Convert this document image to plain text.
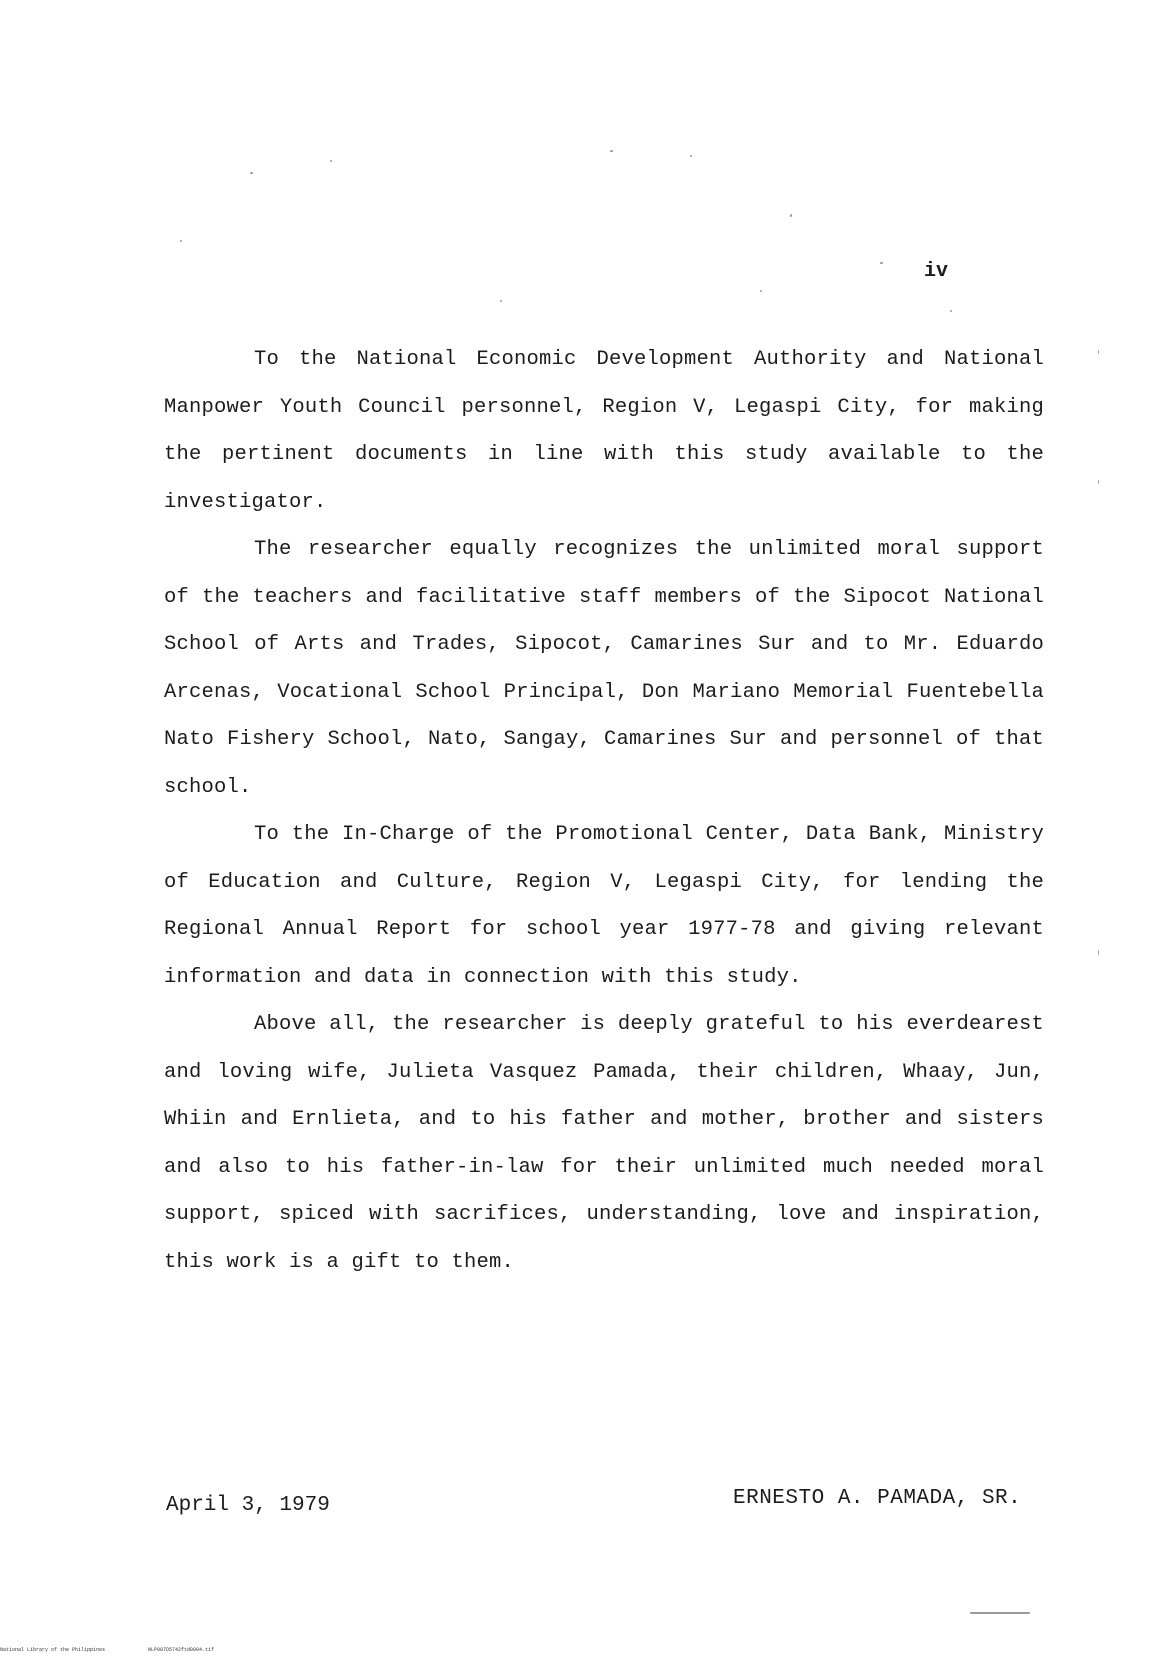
iv

To the National Economic Development Authority and National Manpower Youth Council personnel, Region V, Legaspi City, for making the pertinent documents in line with this study available to the investigator.

The researcher equally recognizes the unlimited moral support of the teachers and facilitative staff members of the Sipocot National School of Arts and Trades, Sipocot, Camarines Sur and to Mr. Eduardo Arcenas, Vocational School Principal, Don Mariano Memorial Fuentebella Nato Fishery School, Nato, Sangay, Camarines Sur and personnel of that school.

To the In-Charge of the Promotional Center, Data Bank, Ministry of Education and Culture, Region V, Legaspi City, for lending the Regional Annual Report for school year 1977-78 and giving relevant information and data in connection with this study.

Above all, the researcher is deeply grateful to his everdearest and loving wife, Julieta Vasquez Pamada, their children, Whaay, Jun, Whiin and Ernlieta, and to his father and mother, brother and sisters and also to his father-in-law for their unlimited much needed moral support, spiced with sacrifices, understanding, love and inspiration, this work is a gift to them.

April 3, 1979	ERNESTO A. PAMADA, SR.
National Library of the Philippines	NLP007D5742ftd0004.tif
